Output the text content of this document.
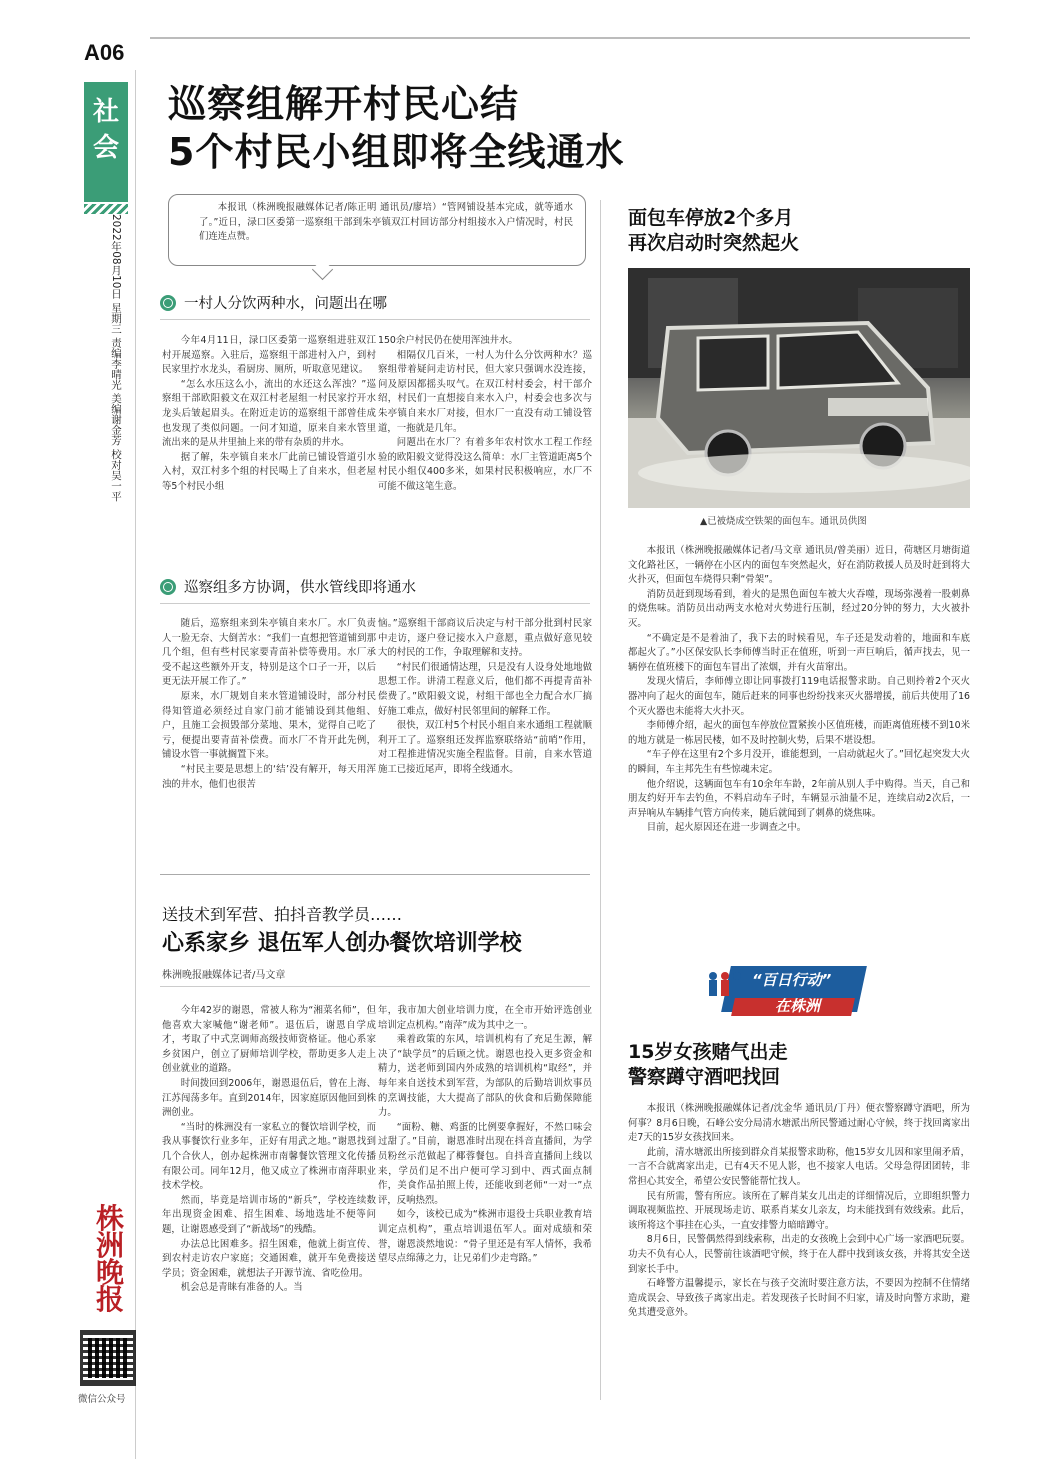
A06
社
会
2022年08月10日 星期三 责编李晴光 美编谢金芳 校对吴一平
株
洲
晚
报
微信公众号
巡察组解开村民心结
5个村民小组即将全线通水

本报讯（株洲晚报融媒体记者/陈正明 通讯员/廖培）“管网铺设基本完成，就等通水了。”近日，渌口区委第一巡察组干部到朱亭镇双江村回访部分村组接水入户情况时，村民们连连点赞。

一村人分饮两种水，问题出在哪

今年4月11日，渌口区委第一巡察组进驻双江村开展巡察。入驻后，巡察组干部进村入户，到村民家里拧水龙头，看厨房、厕所，听取意见建议。

“怎么水压这么小，流出的水还这么浑浊？”巡察组干部欧阳毅文在双江村老屋组一村民家拧开水龙头后皱起眉头。在附近走访的巡察组干部曾佳成也发现了类似问题。一问才知道，原来自来水管里流出来的是从井里抽上来的带有杂质的井水。

据了解，朱亭镇自来水厂此前已铺设管道引水入村，双江村多个组的村民喝上了自来水，但老屋等5个村民小组

150余户村民仍在使用浑浊井水。

相隔仅几百米，一村人为什么分饮两种水？巡察组带着疑问走访村民，但大家只强调水没连接，问及原因都摇头叹气。在双江村村委会，村干部介绍，村民们一直想接自来水入户，村委会也多次与朱亭镇自来水厂对接，但水厂一直没有动工铺设管道，一拖就是几年。

问题出在水厂？有着多年农村饮水工程工作经验的欧阳毅文觉得没这么简单：水厂主管道距离5个村民小组仅400多米，如果村民积极响应，水厂不可能不做这笔生意。

巡察组多方协调，供水管线即将通水

随后，巡察组来到朱亭镇自来水厂。水厂负责人一脸无奈、大倒苦水：“我们一直想把管道铺到那几个组，但有些村民家要青苗补偿等费用。水厂承受不起这些额外开支，特别是这个口子一开，以后更无法开展工作了。”

原来，水厂规划自来水管道铺设时，部分村民得知管道必须经过自家门前才能铺设到其他组、户，且施工会损毁部分菜地、果木，觉得自己吃了亏，便提出要青苗补偿费。而水厂不肯开此先例，铺设水管一事就搁置下来。

“村民主要是思想上的‘结’没有解开，每天用浑浊的井水，他们也很苦

恼。”巡察组干部商议后决定与村干部分批到村民家中走访，逐户登记接水入户意愿，重点做好意见较大的村民的工作，争取理解和支持。

“村民们很通情达理，只是没有人设身处地地做思想工作。讲清工程意义后，他们都不再提青苗补偿费了。”欧阳毅文说，村组干部也全力配合水厂搞好施工难点，做好村民邻里间的解释工作。

很快，双江村5个村民小组自来水通组工程就顺利开工了。巡察组还发挥监察联络站“前哨”作用，对工程推进情况实施全程监督。目前，自来水管道施工已接近尾声，即将全线通水。

送技术到军营、拍抖音教学员……
心系家乡 退伍军人创办餐饮培训学校
株洲晚报融媒体记者/马文章

今年42岁的谢恩，常被人称为“湘菜名师”，但他喜欢大家喊他“谢老师”。退伍后，谢恩自学成才，考取了中式烹调师高级技师资格证。他心系家乡贫困户，创立了厨师培训学校，帮助更多人走上创业就业的道路。

时间拨回到2006年，谢恩退伍后，曾在上海、江苏闯荡多年。直到2014年，因家庭原因他回到株洲创业。

“当时的株洲没有一家私立的餐饮培训学校，而我从事餐饮行业多年，正好有用武之地。”谢恩找到几个合伙人，创办起株洲市南馨餐饮管理文化传播有限公司。同年12月，他又成立了株洲市南萍职业技术学校。

然而，毕竟是培训市场的“新兵”，学校连续数年出现资金困难、招生困难、场地选址不便等问题，让谢恩感受到了“新战场”的残酷。

办法总比困难多。招生困难，他就上街宣传、到农村走访农户家庭；交通困难，就开车免费接送学员；资金困难，就想法子开源节流、省吃俭用。

机会总是青睐有准备的人。当

年，我市加大创业培训力度，在全市开始评选创业培训定点机构。”南萍”成为其中之一。

乘着政策的东风，培训机构有了充足生源，解决了“缺学员”的后顾之忧。谢恩也投入更多资金和精力，送老师到国内外成熟的培训机构“取经”，并每年来自送技术到军营，为部队的后勤培训炊事员的烹调技能，大大提高了部队的伙食和后勤保障能力。

“面粉、糖、鸡蛋的比例要拿握好，不然口味会过甜了。”目前，谢恩准时出现在抖音直播间，为学员粉丝示范做起了椰蓉餐包。自抖音直播间上线以来，学员们足不出户便可学习到中、西式面点制作，美食作品拍照上传，还能收到老师“一对一”点评，反响热烈。

如今，该校已成为“株洲市退役士兵职业教育培训定点机构”，重点培训退伍军人。面对成绩和荣誉，谢恩淡然地说：“骨子里还是有军人情怀，我希望尽点绵薄之力，让兄弟们少走弯路。”

面包车停放2个多月
再次启动时突然起火
▲已被烧成空铁架的面包车。通讯员供图

本报讯（株洲晚报融媒体记者/马文章 通讯员/曾美丽）近日，荷塘区月塘街道文化路社区，一辆停在小区内的面包车突然起火，好在消防救援人员及时赶到将大火扑灭，但面包车烧得只剩“骨架”。

消防员赶到现场看到，着火的是黑色面包车被大火吞噬，现场弥漫着一股刺鼻的烧焦味。消防员出动两支水枪对火势进行压制，经过20分钟的努力，大火被扑灭。

“不确定是不是着油了，我下去的时候看见，车子还是发动着的，地面和车底都起火了。”小区保安队长李师傅当时正在值班，听到一声巨响后，循声找去，见一辆停在值班楼下的面包车冒出了浓烟，并有火苗窜出。

发现火情后，李师傅立即让同事拨打119电话报警求助。自己则拎着2个灭火器冲向了起火的面包车，随后赶来的同事也纷纷找来灭火器增援，前后共使用了16个灭火器也未能将大火扑灭。

李师傅介绍，起火的面包车停放位置紧挨小区值班楼，而距离值班楼不到10米的地方就是一栋居民楼，如不及时控制火势，后果不堪设想。

“车子停在这里有2个多月没开，谁能想到，一启动就起火了。”回忆起突发大火的瞬间，车主邦先生有些惊魂未定。

他介绍说，这辆面包车有10余年车龄，2年前从别人手中购得。当天，自己和朋友约好开车去钓鱼，不料启动车子时，车辆显示油量不足，连续启动2次后，一声异响从车辆排气管方向传来，随后就闻到了刺鼻的烧焦味。

目前，起火原因还在进一步调查之中。

“百日行动”
在株洲
15岁女孩赌气出走
警察蹲守酒吧找回

本报讯（株洲晚报融媒体记者/沈金华 通讯员/丁丹）便衣警察蹲守酒吧，所为何事？8月6日晚，石峰公安分局清水塘派出所民警通过耐心守候，终于找回离家出走7天的15岁女孩找回来。

此前，清水塘派出所接到群众肖某报警求助称，他15岁女儿因和家里闹矛盾，一言不合就离家出走，已有4天不见人影，也不接家人电话。父母急得团团转，非常担心其安全，希望公安民警能帮忙找人。

民有所需，警有所应。该所在了解肖某女儿出走的详细情况后，立即组织警力调取视频监控、开展现场走访、联系肖某女儿亲友，均未能找到有效线索。此后，该所将这个事挂在心头，一直安排警力暗暗蹲守。

8月6日，民警偶然得到线索称，出走的女孩晚上会到中心广场一家酒吧玩耍。功夫不负有心人，民警前往该酒吧守候，终于在人群中找到该女孩，并将其安全送到家长手中。

石峰警方温馨提示，家长在与孩子交流时要注意方法，不要因为控制不住情绪造成误会、导致孩子离家出走。若发现孩子长时间不归家，请及时向警方求助，避免其遭受意外。
